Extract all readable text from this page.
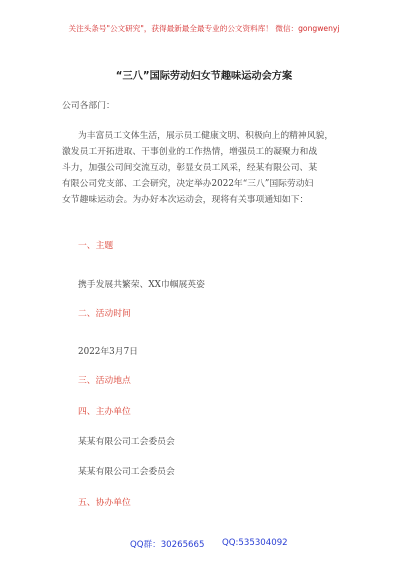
关注头条号"公文研究"，获得最新最全最专业的公文资料库！ 微信：gongwenyj
“三八”国际劳动妇女节趣味运动会方案
公司各部门：
为丰富员工文体生活，展示员工健康文明、积极向上的精神风貌，
激发员工开拓进取、干事创业的工作热情，增强员工的凝聚力和战
斗力，加强公司间交流互动，彰显女员工风采，经某有限公司、某
有限公司党支部、工会研究，决定举办2022年“三八”国际劳动妇
女节趣味运动会。为办好本次运动会，现将有关事项通知如下：
一、主题
携手发展共繁荣、XX巾帼展英姿
二、活动时间
2022年3月7日
三、活动地点
四、主办单位
某某有限公司工会委员会
某某有限公司工会委员会
五、协办单位
QQ群：30265665 QQ:535304092
